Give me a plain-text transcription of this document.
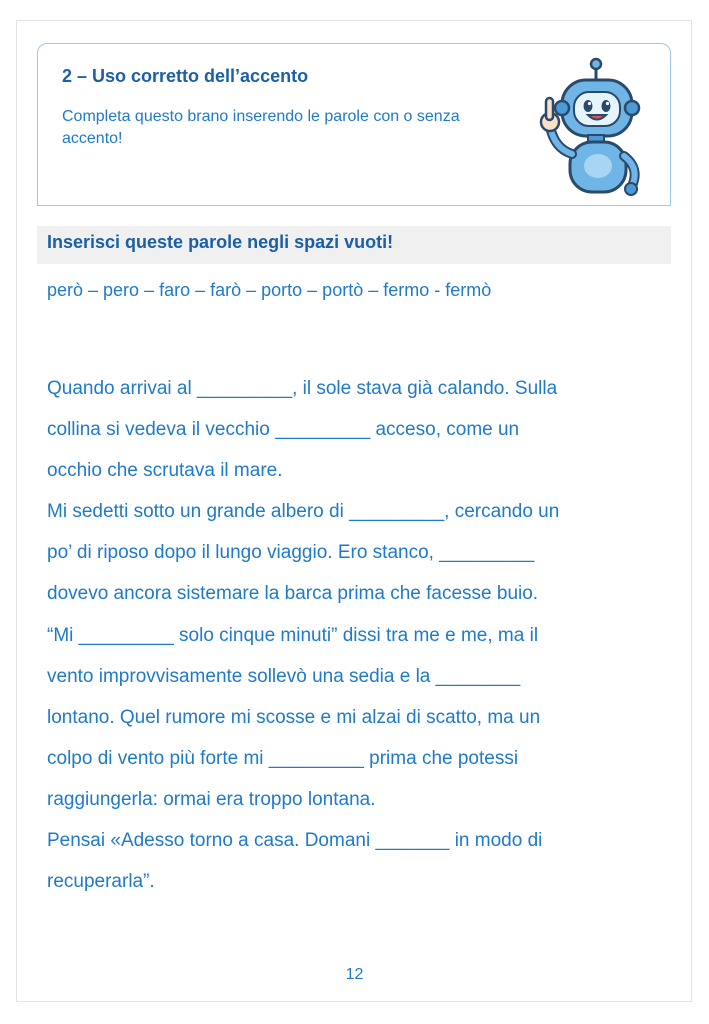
2 – Uso corretto dell’accento

Completa questo brano inserendo le parole con o senza accento!

Inserisci queste parole negli spazi vuoti!
però – pero – faro – farò – porto – portò – fermo - fermò
Quando arrivai al _________, il sole stava già calando. Sulla
collina si vedeva il vecchio _________ acceso, come un
occhio che scrutava il mare.
Mi sedetti sotto un grande albero di _________, cercando un
po’ di riposo dopo il lungo viaggio. Ero stanco, _________
dovevo ancora sistemare la barca prima che facesse buio.
“Mi _________ solo cinque minuti” dissi tra me e me, ma il
vento improvvisamente sollevò una sedia e la ________
lontano. Quel rumore mi scosse e mi alzai di scatto, ma un
colpo di vento più forte mi _________ prima che potessi
raggiungerla: ormai era troppo lontana.
Pensai «Adesso torno a casa. Domani _______ in modo di
recuperarla”.
12
